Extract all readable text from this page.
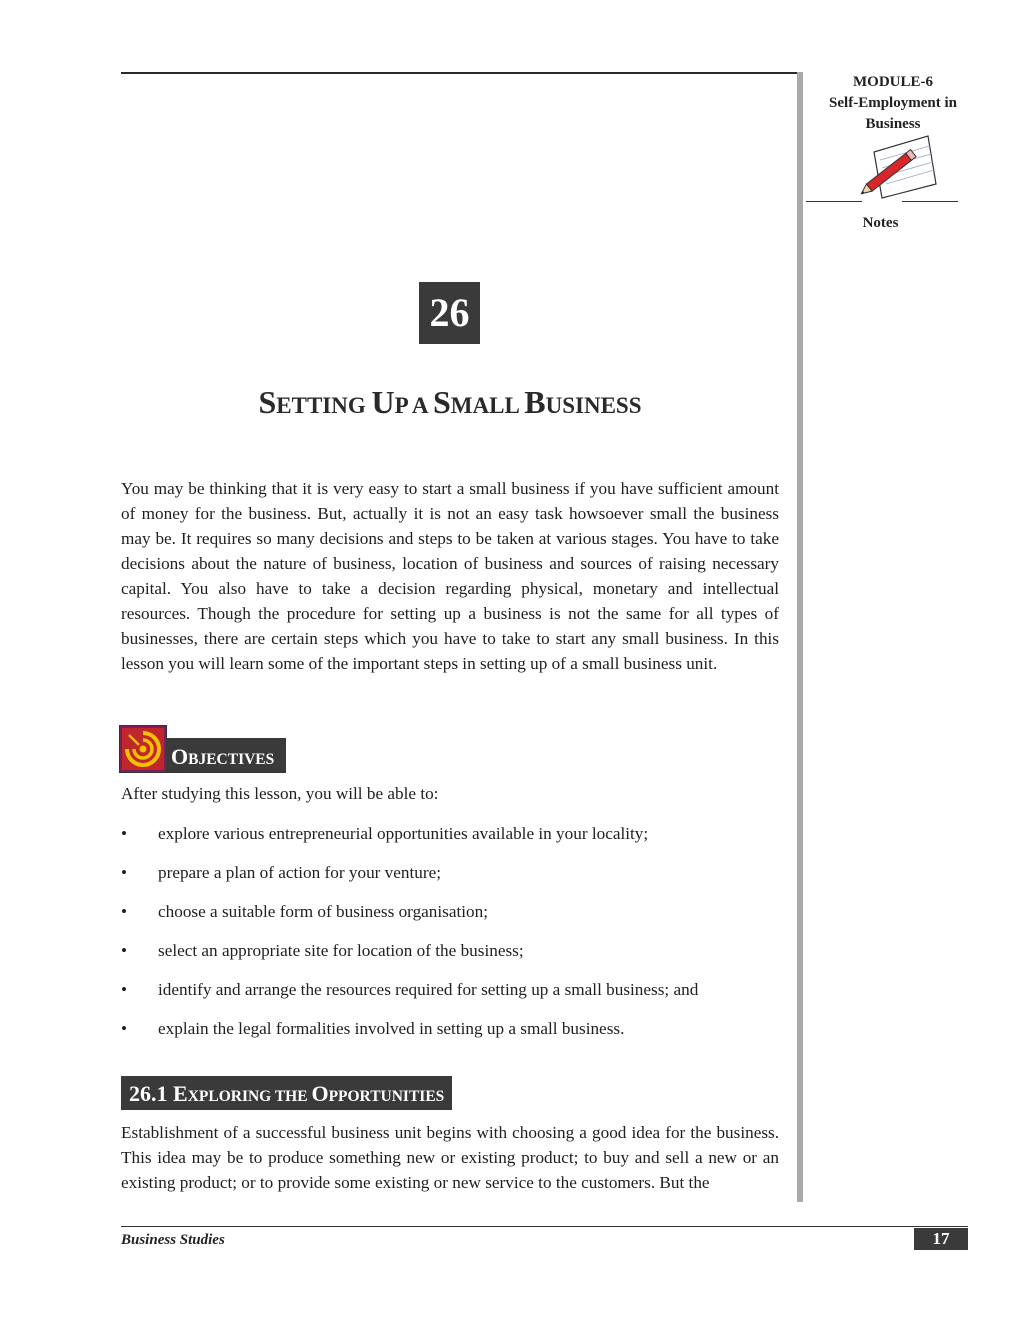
MODULE-6
Self-Employment in
Business
Notes
26
SETTING UP A SMALL BUSINESS

You may be thinking that it is very easy to start a small business if you have sufficient amount of money for the business. But, actually it is not an easy task howsoever small the business may be. It requires so many decisions and steps to be taken at various stages. You have to take decisions about the nature of business, location of business and sources of raising necessary capital. You also have to take a decision regarding physical, monetary and intellectual resources. Though the procedure for setting up a business is not the same for all types of businesses, there are certain steps which you have to take to start any small business. In this lesson you will learn some of the important steps in setting up of a small business unit.

OBJECTIVES
After studying this lesson, you will be able to:
• explore various entrepreneurial opportunities available in your locality;
• prepare a plan of action for your venture;
• choose a suitable form of business organisation;
• select an appropriate site for location of the business;
• identify and arrange the resources required for setting up a small business; and
• explain the legal formalities involved in setting up a small business.
26.1 EXPLORING THE OPPORTUNITIES

Establishment of a successful business unit begins with choosing a good idea for the business. This idea may be to produce something new or existing product; to buy and sell a new or an existing product; or to provide some existing or new service to the customers. But the

Business Studies	17
